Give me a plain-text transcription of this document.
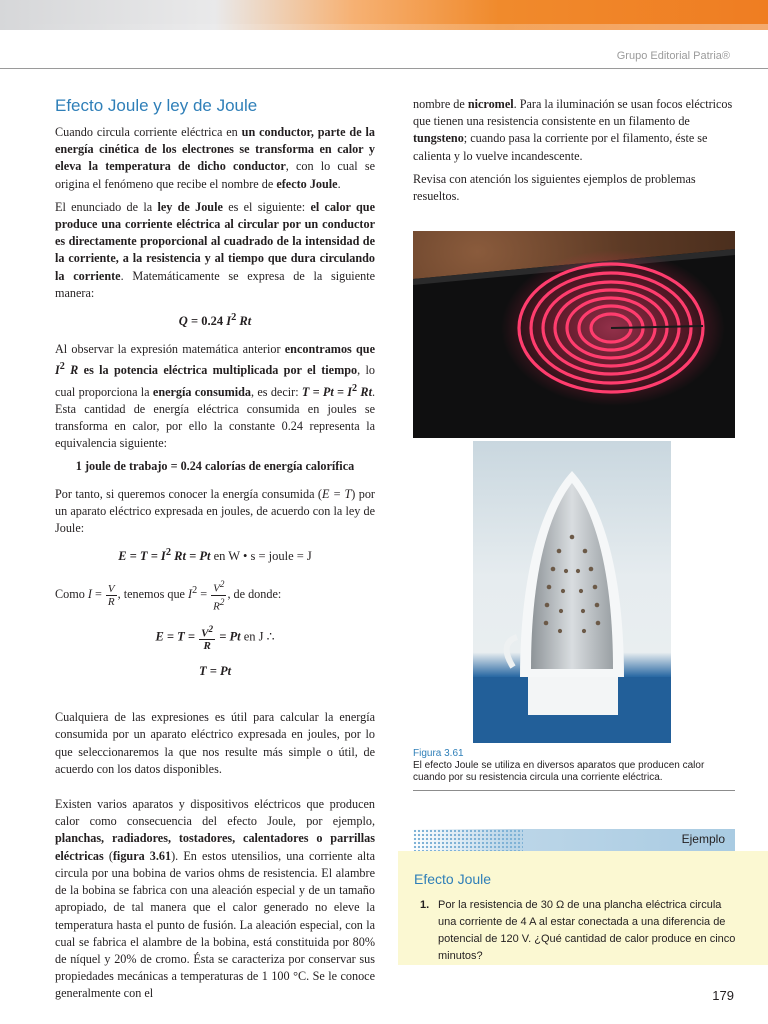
Grupo Editorial Patria®
Efecto Joule y ley de Joule

Cuando circula corriente eléctrica en un conductor, parte de la energía cinética de los electrones se transforma en calor y eleva la temperatura de dicho conductor, con lo cual se origina el fenómeno que recibe el nombre de efecto Joule.

El enunciado de la ley de Joule es el siguiente: el calor que produce una corriente eléctrica al circular por un conductor es directamente proporcional al cuadrado de la intensidad de la corriente, a la resistencia y al tiempo que dura circulando la corriente. Matemáticamente se expresa de la siguiente manera:

Q = 0.24 $I^2$ Rt

Al observar la expresión matemática anterior encontramos que $I^2$ R es la potencia eléctrica multiplicada por el tiempo, lo cual proporciona la energía consumida, es decir: $T = Pt = I^2$ Rt. Esta cantidad de energía eléctrica consumida en joules se transforma en calor, por ello la constante 0.24 representa la equivalencia siguiente:

1 joule de trabajo = 0.24 calorías de energía calorífica

Por tanto, si queremos conocer la energía consumida (E = T) por un aparato eléctrico expresada en joules, de acuerdo con la ley de Joule:

$E = T = I^2$ Rt = Pt en W • s = joule = J
Como $I = \frac{V}{R}$ , tenemos que $I^2 = \frac{V^2}{R^2}$ , de donde:
$E = T = \frac{V^2}{R} = Pt$ en J ∴
T = Pt

Cualquiera de las expresiones es útil para calcular la energía consumida por un aparato eléctrico expresada en joules, por lo que seleccionaremos la que nos resulte más simple o útil, de acuerdo con los datos disponibles.

Existen varios aparatos y dispositivos eléctricos que producen calor como consecuencia del efecto Joule, por ejemplo, planchas, radiadores, tostadores, calentadores o parrillas eléctricas (figura 3.61). En estos utensilios, una corriente alta circula por una bobina de varios ohms de resistencia. El alambre de la bobina se fabrica con una aleación especial y de un tamaño apropiado, de tal manera que el calor generado no eleve la temperatura hasta el punto de fusión. La aleación especial, con la cual se fabrica el alambre de la bobina, está constituida por 80% de níquel y 20% de cromo. Ésta se caracteriza por conservar sus propiedades mecánicas a temperaturas de 1 100 °C. Se le conoce generalmente con el

nombre de nicromel. Para la iluminación se usan focos eléctricos que tienen una resistencia consistente en un filamento de tungsteno; cuando pasa la corriente por el filamento, éste se calienta y lo vuelve incandescente.

Revisa con atención los siguientes ejemplos de problemas resueltos.

Figura 3.61
El efecto Joule se utiliza en diversos aparatos que producen calor cuando por su resistencia circula una corriente eléctrica.
Ejemplo
Efecto Joule
1. Por la resistencia de 30 Ω de una plancha eléctrica circula una corriente de 4 A al estar conectada a una diferencia de potencial de 120 V. ¿Qué cantidad de calor produce en cinco minutos?
179
